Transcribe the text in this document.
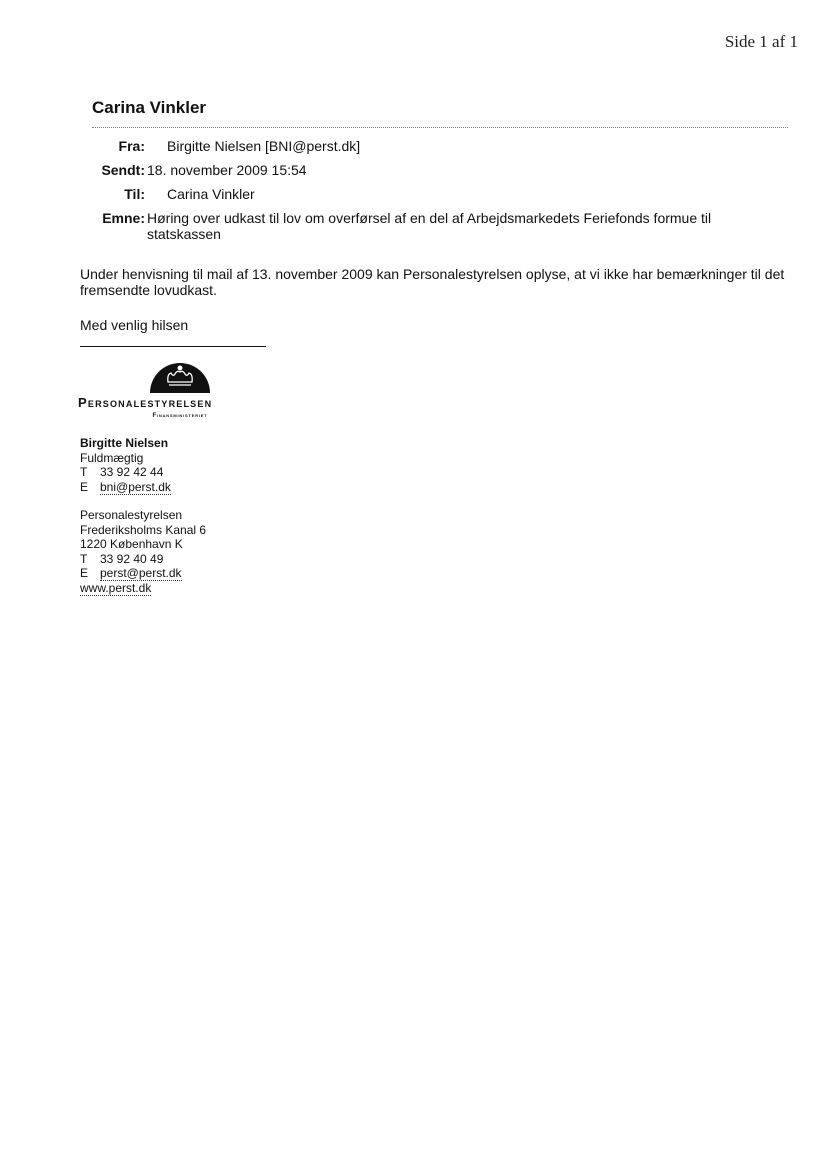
Side 1 af 1
Carina Vinkler
Fra:	Birgitte Nielsen [BNI@perst.dk]
Sendt: 18. november 2009 15:54
Til:	Carina Vinkler
Emne: Høring over udkast til lov om overførsel af en del af Arbejdsmarkedets Feriefonds formue til statskassen
Under henvisning til mail af 13. november 2009 kan Personalestyrelsen oplyse, at vi ikke har bemærkninger til det fremsendte lovudkast.
Med venlig hilsen
Personalestyrelsen
Finansministeriet
Birgitte Nielsen
Fuldmægtig
T 33 92 42 44
E bni@perst.dk
Personalestyrelsen
Frederiksholms Kanal 6
1220 København K
T 33 92 40 49
E perst@perst.dk
www.perst.dk
